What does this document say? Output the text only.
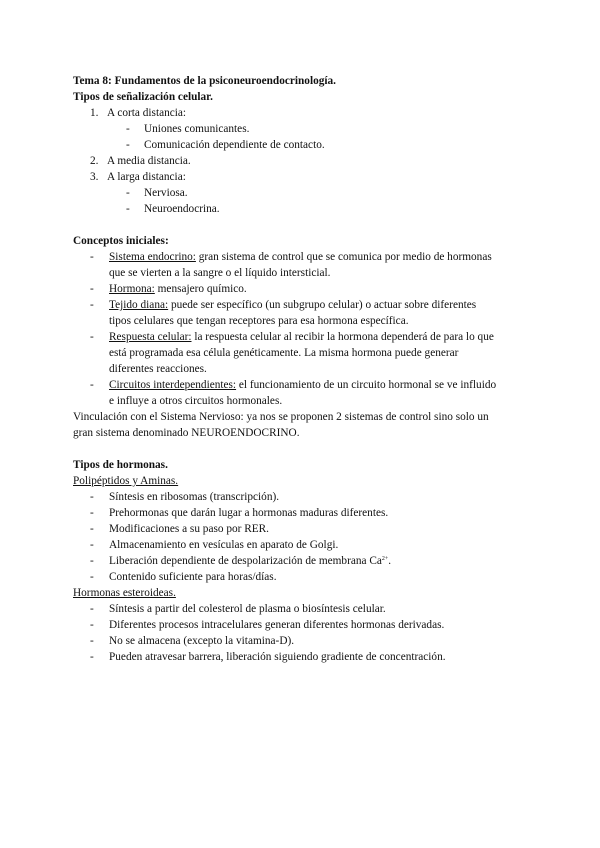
Tema 8: Fundamentos de la psiconeuroendocrinología.
Tipos de señalización celular.
1. A corta distancia:
- Uniones comunicantes.
- Comunicación dependiente de contacto.
2. A media distancia.
3. A larga distancia:
- Nerviosa.
- Neuroendocrina.
Conceptos iniciales:
- Sistema endocrino: gran sistema de control que se comunica por medio de hormonas
que se vierten a la sangre o el líquido intersticial.
- Hormona: mensajero químico.
- Tejido diana: puede ser específico (un subgrupo celular) o actuar sobre diferentes
tipos celulares que tengan receptores para esa hormona específica.
- Respuesta celular: la respuesta celular al recibir la hormona dependerá de para lo que
está programada esa célula genéticamente. La misma hormona puede generar
diferentes reacciones.
- Circuitos interdependientes: el funcionamiento de un circuito hormonal se ve influido
e influye a otros circuitos hormonales.
Vinculación con el Sistema Nervioso: ya nos se proponen 2 sistemas de control sino solo un
gran sistema denominado NEUROENDOCRINO.
Tipos de hormonas.
Polipéptidos y Aminas.
- Síntesis en ribosomas (transcripción).
- Prehormonas que darán lugar a hormonas maduras diferentes.
- Modificaciones a su paso por RER.
- Almacenamiento en vesículas en aparato de Golgi.
- Liberación dependiente de despolarización de membrana $Ca^{2+}$.
- Contenido suficiente para horas/días.
Hormonas esteroideas.
- Síntesis a partir del colesterol de plasma o biosíntesis celular.
- Diferentes procesos intracelulares generan diferentes hormonas derivadas.
- No se almacena (excepto la vitamina-D).
- Pueden atravesar barrera, liberación siguiendo gradiente de concentración.
